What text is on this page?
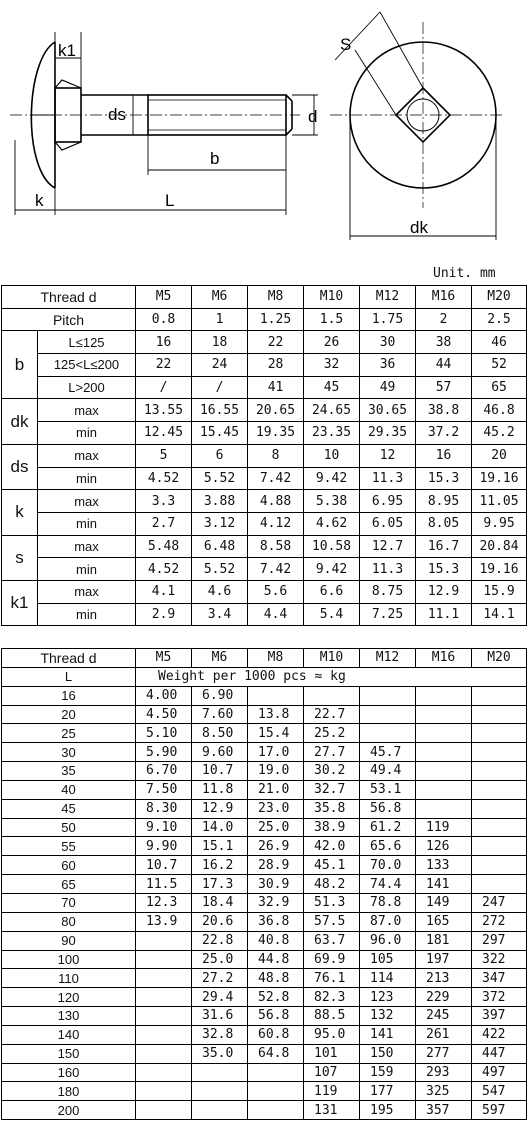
k1
ds	d
b
k	L
S
dk
Unit. mm
Thread d		M5	M6	M8	M10	M12	M16	M20
Pitch		0.8	1	1.25	1.5	1.75	2	2.5
b	L≤125	16	18	22	26	30	38	46
	125<L≤200	22	24	28	32	36	44	52
	L>200	/	/	41	45	49	57	65
dk	max	13.55	16.55	20.65	24.65	30.65	38.8	46.8
	min	12.45	15.45	19.35	23.35	29.35	37.2	45.2
ds	max	5	6	8	10	12	16	20
	min	4.52	5.52	7.42	9.42	11.3	15.3	19.16
k	max	3.3	3.88	4.88	5.38	6.95	8.95	11.05
	min	2.7	3.12	4.12	4.62	6.05	8.05	9.95
s	max	5.48	6.48	8.58	10.58	12.7	16.7	20.84
	min	4.52	5.52	7.42	9.42	11.3	15.3	19.16
k1	max	4.1	4.6	5.6	6.6	8.75	12.9	15.9
	min	2.9	3.4	4.4	5.4	7.25	11.1	14.1
Thread d	M5	M6	M8	M10	M12	M16	M20
L	Weight per 1000 pcs ≈ kg						
16	4.00	6.90					
20	4.50	7.60	13.8	22.7			
25	5.10	8.50	15.4	25.2			
30	5.90	9.60	17.0	27.7	45.7		
35	6.70	10.7	19.0	30.2	49.4		
40	7.50	11.8	21.0	32.7	53.1		
45	8.30	12.9	23.0	35.8	56.8		
50	9.10	14.0	25.0	38.9	61.2	119	
55	9.90	15.1	26.9	42.0	65.6	126	
60	10.7	16.2	28.9	45.1	70.0	133	
65	11.5	17.3	30.9	48.2	74.4	141	
70	12.3	18.4	32.9	51.3	78.8	149	247
80	13.9	20.6	36.8	57.5	87.0	165	272
90		22.8	40.8	63.7	96.0	181	297
100		25.0	44.8	69.9	105	197	322
110		27.2	48.8	76.1	114	213	347
120		29.4	52.8	82.3	123	229	372
130		31.6	56.8	88.5	132	245	397
140		32.8	60.8	95.0	141	261	422
150		35.0	64.8	101	150	277	447
160				107	159	293	497
180				119	177	325	547
200				131	195	357	597
